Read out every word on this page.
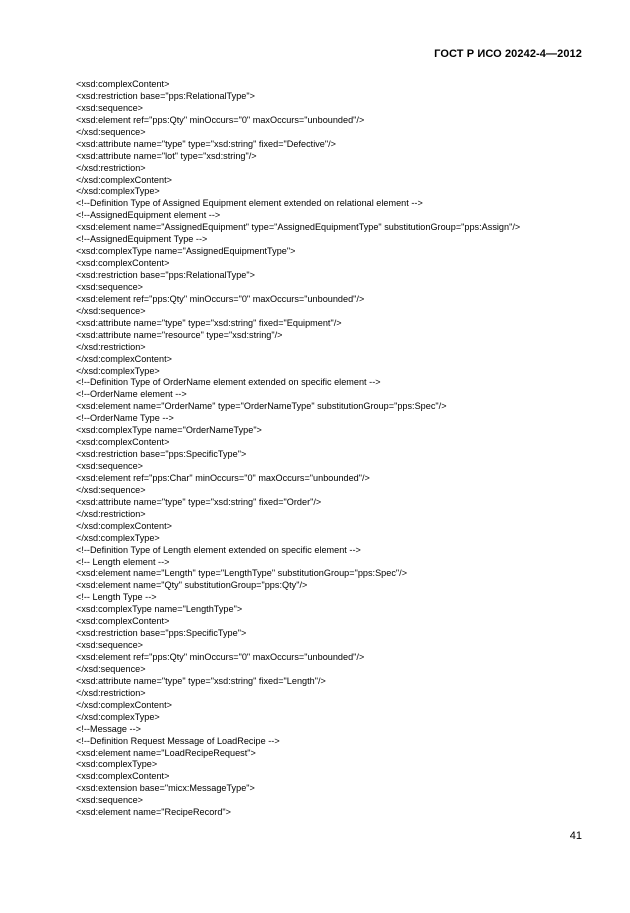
ГОСТ Р ИСО 20242-4—2012
<xsd:complexContent>
<xsd:restriction base="pps:RelationalType">
<xsd:sequence>
<xsd:element ref="pps:Qty" minOccurs="0" maxOccurs="unbounded"/>
</xsd:sequence>
<xsd:attribute name="type" type="xsd:string" fixed="Defective"/>
<xsd:attribute name="lot" type="xsd:string"/>
</xsd:restriction>
</xsd:complexContent>
</xsd:complexType>
<!--Definition Type of Assigned Equipment element extended on relational element -->
<!--AssignedEquipment element -->
<xsd:element name="AssignedEquipment" type="AssignedEquipmentType" substitutionGroup="pps:Assign"/>
<!--AssignedEquipment Type -->
<xsd:complexType name="AssignedEquipmentType">
<xsd:complexContent>
<xsd:restriction base="pps:RelationalType">
<xsd:sequence>
<xsd:element ref="pps:Qty" minOccurs="0" maxOccurs="unbounded"/>
</xsd:sequence>
<xsd:attribute name="type" type="xsd:string" fixed="Equipment"/>
<xsd:attribute name="resource" type="xsd:string"/>
</xsd:restriction>
</xsd:complexContent>
</xsd:complexType>
<!--Definition Type of OrderName element extended on specific element -->
<!--OrderName element -->
<xsd:element name="OrderName" type="OrderNameType" substitutionGroup="pps:Spec"/>
<!--OrderName Type -->
<xsd:complexType name="OrderNameType">
<xsd:complexContent>
<xsd:restriction base="pps:SpecificType">
<xsd:sequence>
<xsd:element ref="pps:Char" minOccurs="0" maxOccurs="unbounded"/>
</xsd:sequence>
<xsd:attribute name="type" type="xsd:string" fixed="Order"/>
</xsd:restriction>
</xsd:complexContent>
</xsd:complexType>
<!--Definition Type of Length element extended on specific element -->
<!-- Length element -->
<xsd:element name="Length" type="LengthType" substitutionGroup="pps:Spec"/>
<xsd:element name="Qty" substitutionGroup="pps:Qty"/>
<!-- Length Type -->
<xsd:complexType name="LengthType">
<xsd:complexContent>
<xsd:restriction base="pps:SpecificType">
<xsd:sequence>
<xsd:element ref="pps:Qty" minOccurs="0" maxOccurs="unbounded"/>
</xsd:sequence>
<xsd:attribute name="type" type="xsd:string" fixed="Length"/>
</xsd:restriction>
</xsd:complexContent>
</xsd:complexType>
<!--Message -->
<!--Definition Request Message of LoadRecipe -->
<xsd:element name="LoadRecipeRequest">
<xsd:complexType>
<xsd:complexContent>
<xsd:extension base="micx:MessageType">
<xsd:sequence>
<xsd:element name="RecipeRecord">
41
